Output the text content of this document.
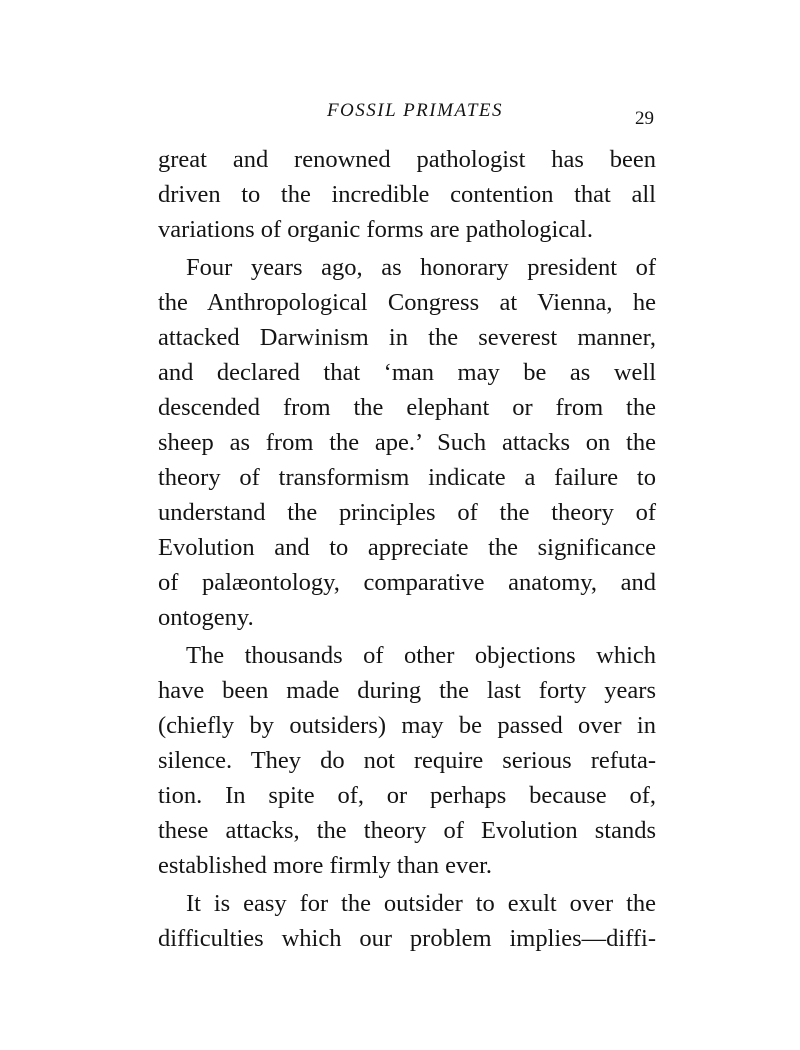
FOSSIL PRIMATES	29
great and renowned pathologist has been
driven to the incredible contention that all
variations of organic forms are pathological.
Four years ago, as honorary president of
the Anthropological Congress at Vienna, he
attacked Darwinism in the severest manner,
and declared that ‘man may be as well
descended from the elephant or from the
sheep as from the ape.’ Such attacks on the
theory of transformism indicate a failure to
understand the principles of the theory of
Evolution and to appreciate the significance
of palæontology, comparative anatomy, and
ontogeny.
The thousands of other objections which
have been made during the last forty years
(chiefly by outsiders) may be passed over in
silence. They do not require serious refuta-
tion. In spite of, or perhaps because of,
these attacks, the theory of Evolution stands
established more firmly than ever.
It is easy for the outsider to exult over the
difficulties which our problem implies—diffi-
